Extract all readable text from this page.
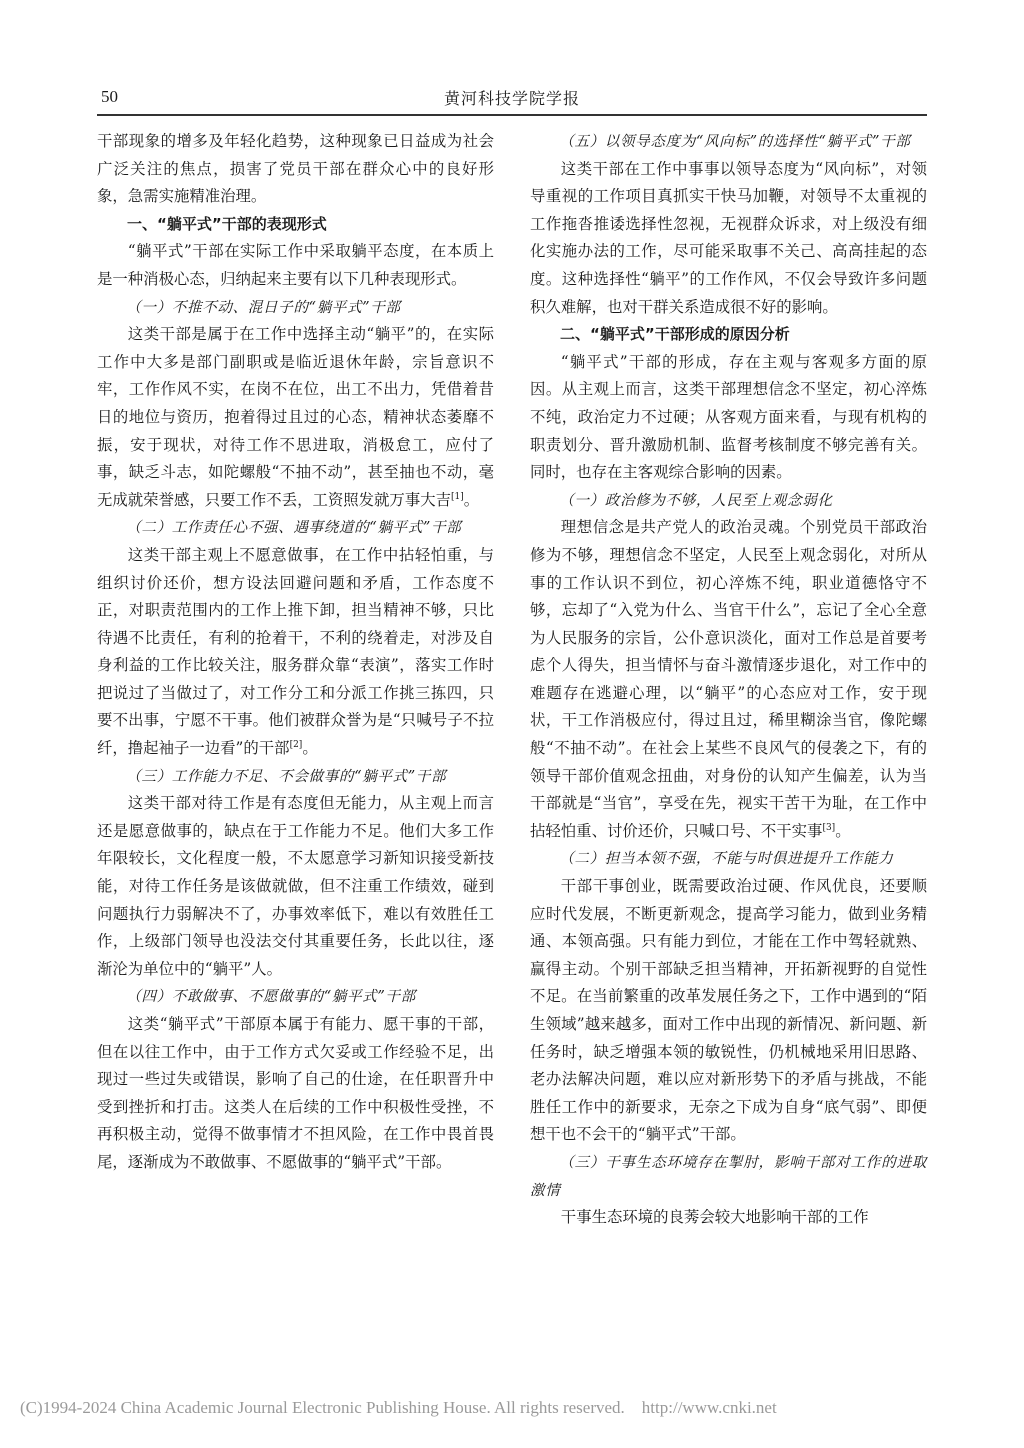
50	黄河科技学院学报

干部现象的增多及年轻化趋势，这种现象已日益成为社会广泛关注的焦点，损害了党员干部在群众心中的良好形象，急需实施精准治理。

一、“躺平式”干部的表现形式

“躺平式”干部在实际工作中采取躺平态度，在本质上是一种消极心态，归纳起来主要有以下几种表现形式。

（一）不推不动、混日子的“躺平式”干部

这类干部是属于在工作中选择主动“躺平”的，在实际工作中大多是部门副职或是临近退休年龄，宗旨意识不牢，工作作风不实，在岗不在位，出工不出力，凭借着昔日的地位与资历，抱着得过且过的心态，精神状态萎靡不振，安于现状，对待工作不思进取，消极怠工，应付了事，缺乏斗志，如陀螺般“不抽不动”，甚至抽也不动，毫无成就荣誉感，只要工作不丢，工资照发就万事大吉[1]。

（二）工作责任心不强、遇事绕道的“躺平式”干部

这类干部主观上不愿意做事，在工作中拈轻怕重，与组织讨价还价，想方设法回避问题和矛盾，工作态度不正，对职责范围内的工作上推下卸，担当精神不够，只比待遇不比责任，有利的抢着干，不利的绕着走，对涉及自身利益的工作比较关注，服务群众靠“表演”，落实工作时把说过了当做过了，对工作分工和分派工作挑三拣四，只要不出事，宁愿不干事。他们被群众誉为是“只喊号子不拉纤，撸起袖子一边看”的干部[2]。

（三）工作能力不足、不会做事的“躺平式”干部

这类干部对待工作是有态度但无能力，从主观上而言还是愿意做事的，缺点在于工作能力不足。他们大多工作年限较长，文化程度一般，不太愿意学习新知识接受新技能，对待工作任务是该做就做，但不注重工作绩效，碰到问题执行力弱解决不了，办事效率低下，难以有效胜任工作，上级部门领导也没法交付其重要任务，长此以往，逐渐沦为单位中的“躺平”人。

（四）不敢做事、不愿做事的“躺平式”干部

这类“躺平式”干部原本属于有能力、愿干事的干部，但在以往工作中，由于工作方式欠妥或工作经验不足，出现过一些过失或错误，影响了自己的仕途，在任职晋升中受到挫折和打击。这类人在后续的工作中积极性受挫，不再积极主动，觉得不做事情才不担风险，在工作中畏首畏尾，逐渐成为不敢做事、不愿做事的“躺平式”干部。

（五）以领导态度为“风向标”的选择性“躺平式”干部

这类干部在工作中事事以领导态度为“风向标”，对领导重视的工作项目真抓实干快马加鞭，对领导不太重视的工作拖沓推诿选择性忽视，无视群众诉求，对上级没有细化实施办法的工作，尽可能采取事不关己、高高挂起的态度。这种选择性“躺平”的工作作风，不仅会导致许多问题积久难解，也对干群关系造成很不好的影响。

二、“躺平式”干部形成的原因分析

“躺平式”干部的形成，存在主观与客观多方面的原因。从主观上而言，这类干部理想信念不坚定，初心淬炼不纯，政治定力不过硬；从客观方面来看，与现有机构的职责划分、晋升激励机制、监督考核制度不够完善有关。同时，也存在主客观综合影响的因素。

（一）政治修为不够，人民至上观念弱化

理想信念是共产党人的政治灵魂。个别党员干部政治修为不够，理想信念不坚定，人民至上观念弱化，对所从事的工作认识不到位，初心淬炼不纯，职业道德恪守不够，忘却了“入党为什么、当官干什么”，忘记了全心全意为人民服务的宗旨，公仆意识淡化，面对工作总是首要考虑个人得失，担当情怀与奋斗激情逐步退化，对工作中的难题存在逃避心理，以“躺平”的心态应对工作，安于现状，干工作消极应付，得过且过，稀里糊涂当官，像陀螺般“不抽不动”。在社会上某些不良风气的侵袭之下，有的领导干部价值观念扭曲，对身份的认知产生偏差，认为当干部就是“当官”，享受在先，视实干苦干为耻，在工作中拈轻怕重、讨价还价，只喊口号、不干实事[3]。

（二）担当本领不强，不能与时俱进提升工作能力

干部干事创业，既需要政治过硬、作风优良，还要顺应时代发展，不断更新观念，提高学习能力，做到业务精通、本领高强。只有能力到位，才能在工作中驾轻就熟、赢得主动。个别干部缺乏担当精神，开拓新视野的自觉性不足。在当前繁重的改革发展任务之下，工作中遇到的“陌生领域”越来越多，面对工作中出现的新情况、新问题、新任务时，缺乏增强本领的敏锐性，仍机械地采用旧思路、老办法解决问题，难以应对新形势下的矛盾与挑战，不能胜任工作中的新要求，无奈之下成为自身“底气弱”、即便想干也不会干的“躺平式”干部。

（三）干事生态环境存在掣肘，影响干部对工作的进取激情

干事生态环境的良莠会较大地影响干部的工作

(C)1994-2024 China Academic Journal Electronic Publishing House. All rights reserved.    http://www.cnki.net
